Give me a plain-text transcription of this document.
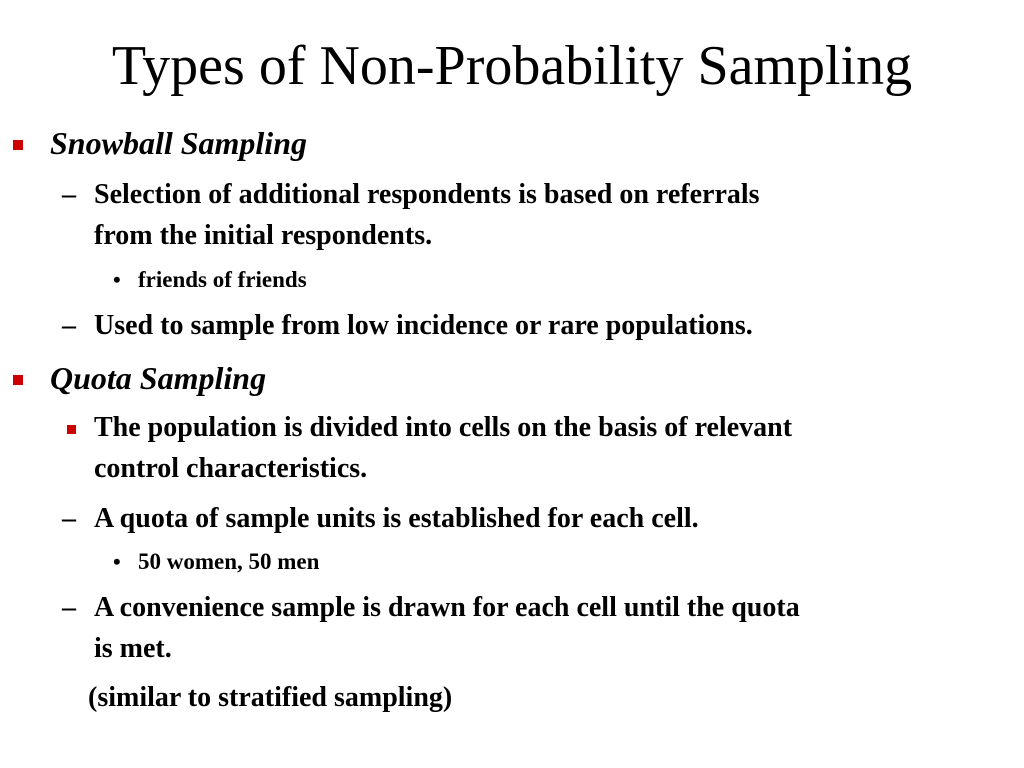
Types of Non-Probability Sampling
Snowball Sampling
– Selection of additional respondents is based on referrals
from the initial respondents.
• friends of friends
– Used to sample from low incidence or rare populations.
Quota Sampling
The population is divided into cells on the basis of relevant
control characteristics.
– A quota of sample units is established for each cell.
• 50 women, 50 men
– A convenience sample is drawn for each cell until the quota
is met.
(similar to stratified sampling)
